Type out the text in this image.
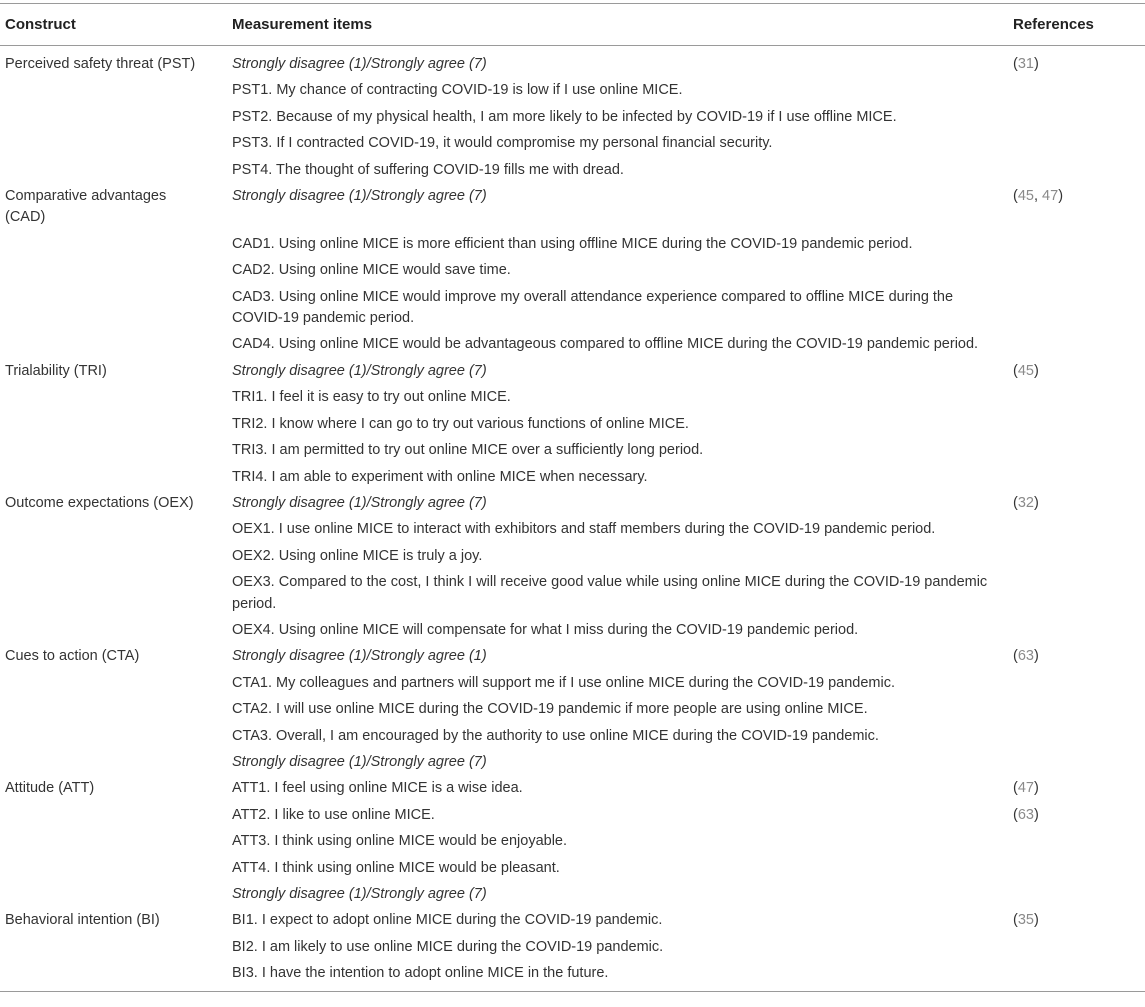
Construct	Measurement items	References
Perceived safety threat (PST)	Strongly disagree (1)/Strongly agree (7)	(31)
	PST1. My chance of contracting COVID-19 is low if I use online MICE.	
	PST2. Because of my physical health, I am more likely to be infected by COVID-19 if I use offline MICE.	
	PST3. If I contracted COVID-19, it would compromise my personal financial security.	
	PST4. The thought of suffering COVID-19 fills me with dread.	
Comparative advantages (CAD)	Strongly disagree (1)/Strongly agree (7)	(45, 47)
	CAD1. Using online MICE is more efficient than using offline MICE during the COVID-19 pandemic period.	
	CAD2. Using online MICE would save time.	
	CAD3. Using online MICE would improve my overall attendance experience compared to offline MICE during the COVID-19 pandemic period.	
	CAD4. Using online MICE would be advantageous compared to offline MICE during the COVID-19 pandemic period.	
Trialability (TRI)	Strongly disagree (1)/Strongly agree (7)	(45)
	TRI1. I feel it is easy to try out online MICE.	
	TRI2. I know where I can go to try out various functions of online MICE.	
	TRI3. I am permitted to try out online MICE over a sufficiently long period.	
	TRI4. I am able to experiment with online MICE when necessary.	
Outcome expectations (OEX)	Strongly disagree (1)/Strongly agree (7)	(32)
	OEX1. I use online MICE to interact with exhibitors and staff members during the COVID-19 pandemic period.	
	OEX2. Using online MICE is truly a joy.	
	OEX3. Compared to the cost, I think I will receive good value while using online MICE during the COVID-19 pandemic period.	
	OEX4. Using online MICE will compensate for what I miss during the COVID-19 pandemic period.	
Cues to action (CTA)	Strongly disagree (1)/Strongly agree (1)	(63)
	CTA1. My colleagues and partners will support me if I use online MICE during the COVID-19 pandemic.	
	CTA2. I will use online MICE during the COVID-19 pandemic if more people are using online MICE.	
	CTA3. Overall, I am encouraged by the authority to use online MICE during the COVID-19 pandemic.	
	Strongly disagree (1)/Strongly agree (7)	
Attitude (ATT)	ATT1. I feel using online MICE is a wise idea.	(47)
	ATT2. I like to use online MICE.	(63)
	ATT3. I think using online MICE would be enjoyable.	
	ATT4. I think using online MICE would be pleasant.	
	Strongly disagree (1)/Strongly agree (7)	
Behavioral intention (BI)	BI1. I expect to adopt online MICE during the COVID-19 pandemic.	(35)
	BI2. I am likely to use online MICE during the COVID-19 pandemic.	
	BI3. I have the intention to adopt online MICE in the future.	
